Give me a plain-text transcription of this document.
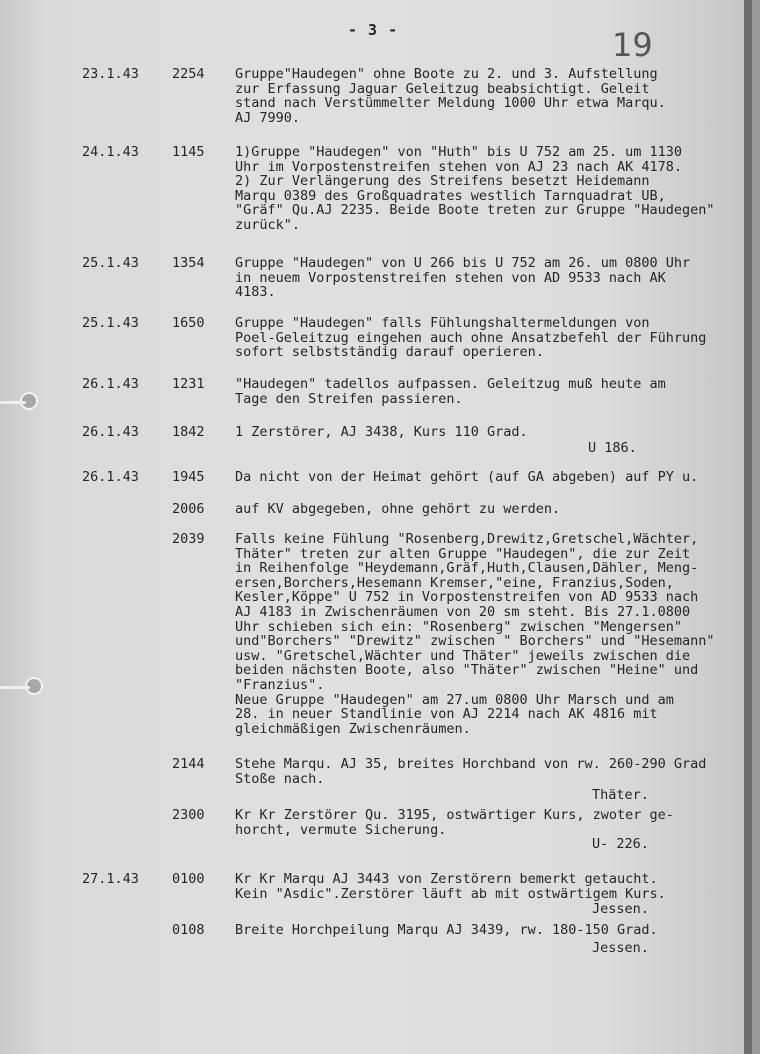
- 3 -	19

23.1.43

2254

Gruppe"Haudegen" ohne Boote zu 2. und 3. Aufstellung
zur Erfassung Jaguar Geleitzug beabsichtigt. Geleit
stand nach Verstümmelter Meldung 1000 Uhr etwa Marqu.
AJ 7990.

24.1.43

1145

1)Gruppe "Haudegen" von "Huth" bis U 752 am 25. um 1130
Uhr im Vorpostenstreifen stehen von AJ 23 nach AK 4178.
2) Zur Verlängerung des Streifens besetzt Heidemann
Marqu 0389 des Großquadrates westlich Tarnquadrat UB,
"Gräf" Qu.AJ 2235. Beide Boote treten zur Gruppe "Haudegen"
zurück".

25.1.43

1354

Gruppe "Haudegen" von U 266 bis U 752 am 26. um 0800 Uhr
in neuem Vorpostenstreifen stehen von AD 9533 nach AK
4183.

25.1.43

1650

Gruppe "Haudegen" falls Fühlungshaltermeldungen von
Poel-Geleitzug eingehen auch ohne Ansatzbefehl der Führung
sofort selbstständig darauf operieren.

26.1.43

1231

"Haudegen" tadellos aufpassen. Geleitzug muß heute am
Tage den Streifen passieren.

26.1.43

1842

1 Zerstörer, AJ 3438, Kurs 110 Grad.

U 186.

26.1.43

1945

Da nicht von der Heimat gehört (auf GA abgeben) auf PY u.

2006

auf KV abgegeben, ohne gehört zu werden.

2039

Falls keine Fühlung "Rosenberg,Drewitz,Gretschel,Wächter,
Thäter" treten zur alten Gruppe "Haudegen", die zur Zeit
in Reihenfolge "Heydemann,Gräf,Huth,Clausen,Dähler, Meng-
ersen,Borchers,Hesemann Kremser,"eine, Franzius,Soden,
Kesler,Köppe" U 752 in Vorpostenstreifen von AD 9533 nach
AJ 4183 in Zwischenräumen von 20 sm steht. Bis 27.1.0800
Uhr schieben sich ein: "Rosenberg" zwischen "Mengersen"
und"Borchers" "Drewitz" zwischen " Borchers" und "Hesemann"
usw. "Gretschel,Wächter und Thäter" jeweils zwischen die
beiden nächsten Boote, also "Thäter" zwischen "Heine" und
"Franzius".
Neue Gruppe "Haudegen" am 27.um 0800 Uhr Marsch und am
28. in neuer Standlinie von AJ 2214 nach AK 4816 mit
gleichmäßigen Zwischenräumen.

2144

Stehe Marqu. AJ 35, breites Horchband von rw. 260-290 Grad
Stoße nach.

Thäter.

2300

Kr Kr Zerstörer Qu. 3195, ostwärtiger Kurs, zwoter ge-
horcht, vermute Sicherung.

U- 226.

27.1.43

0100

Kr Kr Marqu AJ 3443 von Zerstörern bemerkt getaucht.
Kein "Asdic".Zerstörer läuft ab mit ostwärtigem Kurs.

Jessen.

0108

Breite Horchpeilung Marqu AJ 3439, rw. 180-150 Grad.

Jessen.
